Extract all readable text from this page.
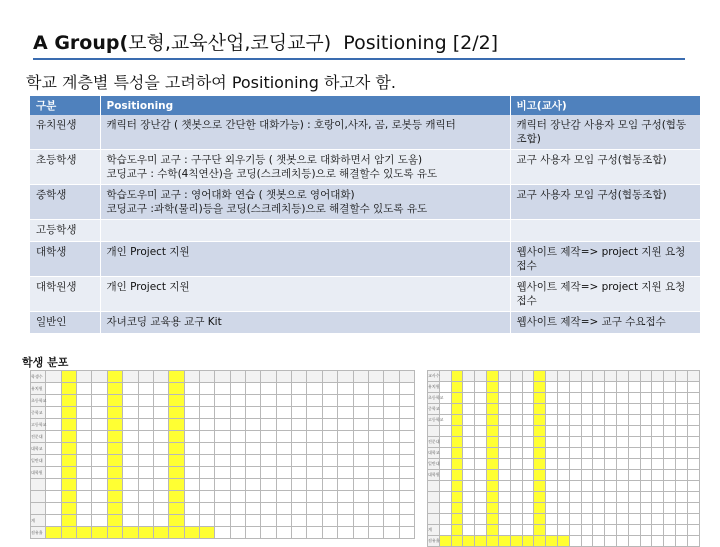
A Group(모형,교육산업,코딩교구) Positioning [2/2]
학교 계층별 특성을 고려하여 Positioning 하고자 함.
구분	Positioning	비고(교사)
유치원생	캐릭터 장난감 ( 챗봇으로 간단한 대화가능) : 호랑이,사자, 곰, 로봇등 캐릭터	캐릭터 장난감 사용자 모임 구성(협동조합)

초등학생	학습도우미 교구 : 구구단 외우기등 ( 챗봇으로 대화하면서 암기 도움)
코딩교구 : 수학(4칙연산)을 코딩(스크레치등)으로 해결할수 있도록 유도	교구 사용자 모임 구성(협동조합)

중학생	학습도우미 교구 : 영어대화 연습 ( 챗봇으로 영어대화)
코딩교구 :과학(물리)등을 코딩(스크레치등)으로 해결할수 있도록 유도	교구 사용자 모임 구성(협동조합)

고등학생		
대학생	개인 Project 지원	웹사이트 제작=> project 지원 요청 접수

대학원생	개인 Project 지원	웹사이트 제작=> project 지원 요청 접수

일반인	자녀코딩 교육용 교구 Kit	웹사이트 제작=> 교구 수요접수
학생 분포
학생수																								
유치원																								
초등학교																								
중학교																								
고등학교																								
전문대																								
대학교																								
일반대																								
대학원																								

계																								
점유율																								
교사수																						
유치원																						
초등학교																						
중학교																						
고등학교																						

전문대																						
대학교																						
일반대																						
대학원																						

계																						
점유율																						
